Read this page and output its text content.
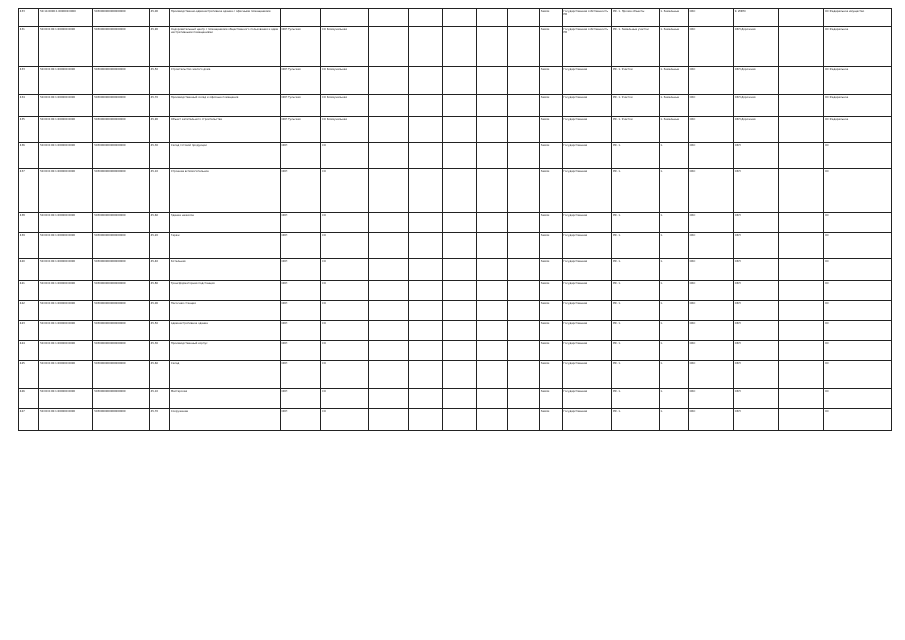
433	50:14:0000:1:000000:0000	5030000000000000000	45,00	Производственно-административное здание с офисными помещениями								Земли	Государственная собственность РФ	РФ. 1. Прочие объекты	1. Земельные	ОКС	9. ИФНС		ОС Федеральное имущество
431	50:00:0:00:1:000000:0000	5030000000000000000	45,90	Оздоровительный центр с помещениями общественного пользования и административными помещениями	ОКН Тульская	СО Коммунальная						Земли	Государственная собственность РФ	РФ. 1. Земельные участки	1. Земельные	ОКС	ОКН Дорожная		ОС Федеральное
433	50:00:0:00:1:000000:0000	5030000000000000000	45,50	Строительство жилого дома	ОКН Тульская	СО Коммунальная						Земли	Государственная	РФ. 1. Участки	1. Земельные	ОКС	ОКН Дорожная		ОС Федеральное
434	50:00:0:00:1:000000:0000	5030000000000000000	45,70	Производственный склад и офисные помещения	ОКН Тульская	СО Коммунальная						Земли	Государственная	РФ. 1. Участки	1. Земельные	ОКС	ОКН Дорожная		ОС Федеральное
435	50:00:0:00:1:000000:0000	5030000000000000000	45,90	Объект капитального строительства	ОКН Тульская	СО Коммунальная						Земли	Государственная	РФ. 1. Участки	1. Земельные	ОКС	ОКН Дорожная		ОС Федеральное
436	50:00:0:00:1:000000:0000	5030000000000000000	45,30	Склад готовой продукции	ОКН	СО						Земли	Государственная	РФ. 1.	1.	ОКС	ОКН		ОС
437	50:00:0:00:1:000000:0000	5030000000000000000	45,10	Строение вспомогательное	ОКН	СО						Земли	Государственная	РФ. 1.	1.	ОКС	ОКН		ОС
438	50:00:0:00:1:000000:0000	5030000000000000000	45,60	Здание нежилое	ОКН	СО						Земли	Государственная	РФ. 1.	1.	ОКС	ОКН		ОС
439	50:00:0:00:1:000000:0000	5030000000000000000	45,20	Гараж	ОКН	СО						Земли	Государственная	РФ. 1.	1.	ОКС	ОКН		ОС
440	50:00:0:00:1:000000:0000	5030000000000000000	45,40	Котельная	ОКН	СО						Земли	Государственная	РФ. 1.	1.	ОКС	ОКН		ОС
441	50:00:0:00:1:000000:0000	5030000000000000000	45,80	Трансформаторная подстанция	ОКН	СО						Земли	Государственная	РФ. 1.	1.	ОКС	ОКН		ОС
442	50:00:0:00:1:000000:0000	5030000000000000000	45,00	Насосная станция	ОКН	СО						Земли	Государственная	РФ. 1.	1.	ОКС	ОКН		ОС
443	50:00:0:00:1:000000:0000	5030000000000000000	45,50	Административное здание	ОКН	СО						Земли	Государственная	РФ. 1.	1.	ОКС	ОКН		ОС
444	50:00:0:00:1:000000:0000	5030000000000000000	45,30	Производственный корпус	ОКН	СО						Земли	Государственная	РФ. 1.	1.	ОКС	ОКН		ОС
445	50:00:0:00:1:000000:0000	5030000000000000000	45,60	Склад	ОКН	СО						Земли	Государственная	РФ. 1.	1.	ОКС	ОКН		ОС
446	50:00:0:00:1:000000:0000	5030000000000000000	45,10	Мастерская	ОКН	СО						Земли	Государственная	РФ. 1.	1.	ОКС	ОКН		ОС
447	50:00:0:00:1:000000:0000	5030000000000000000	45,70	Сооружение	ОКН	СО						Земли	Государственная	РФ. 1.	1.	ОКС	ОКН		ОС
